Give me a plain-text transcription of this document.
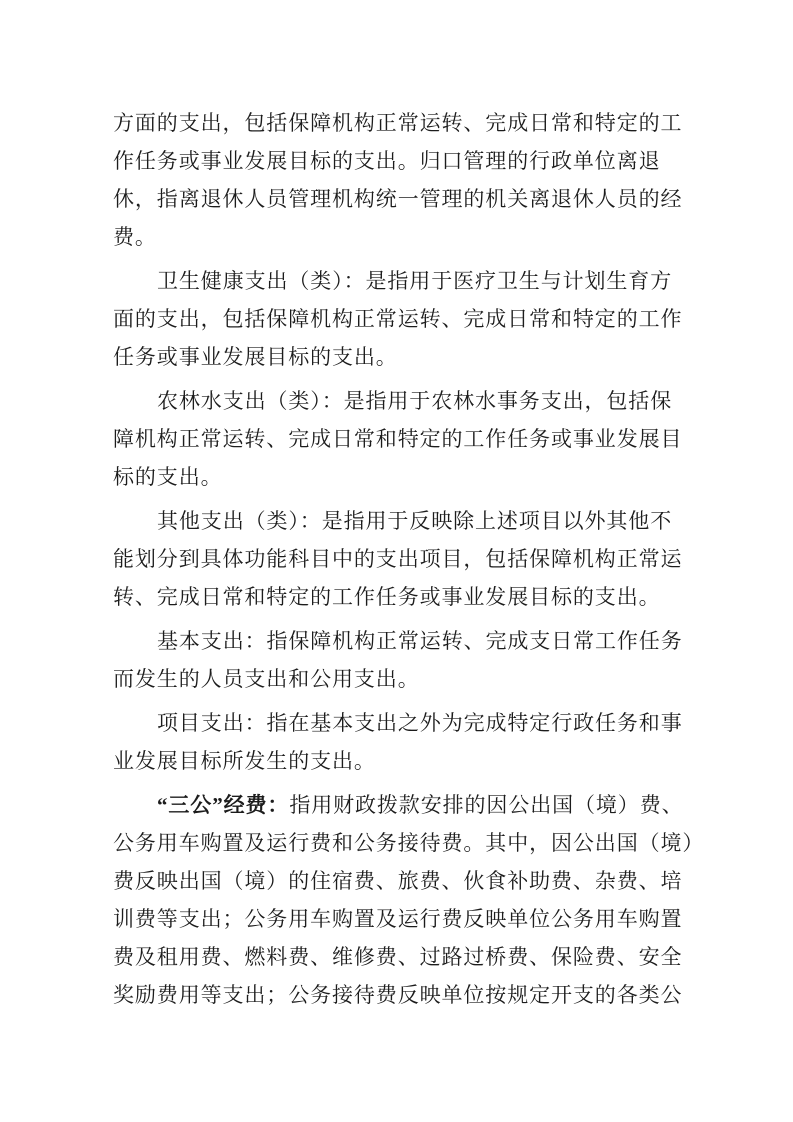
方面的支出，包括保障机构正常运转、完成日常和特定的工
作任务或事业发展目标的支出。归口管理的行政单位离退
休，指离退休人员管理机构统一管理的机关离退休人员的经
费。
卫生健康支出（类）：是指用于医疗卫生与计划生育方
面的支出，包括保障机构正常运转、完成日常和特定的工作
任务或事业发展目标的支出。
农林水支出（类）：是指用于农林水事务支出，包括保
障机构正常运转、完成日常和特定的工作任务或事业发展目
标的支出。
其他支出（类）：是指用于反映除上述项目以外其他不
能划分到具体功能科目中的支出项目，包括保障机构正常运
转、完成日常和特定的工作任务或事业发展目标的支出。
基本支出：指保障机构正常运转、完成支日常工作任务
而发生的人员支出和公用支出。
项目支出：指在基本支出之外为完成特定行政任务和事
业发展目标所发生的支出。
“三公”经费：指用财政拨款安排的因公出国（境）费、
公务用车购置及运行费和公务接待费。其中，因公出国（境）
费反映出国（境）的住宿费、旅费、伙食补助费、杂费、培
训费等支出；公务用车购置及运行费反映单位公务用车购置
费及租用费、燃料费、维修费、过路过桥费、保险费、安全
奖励费用等支出；公务接待费反映单位按规定开支的各类公
